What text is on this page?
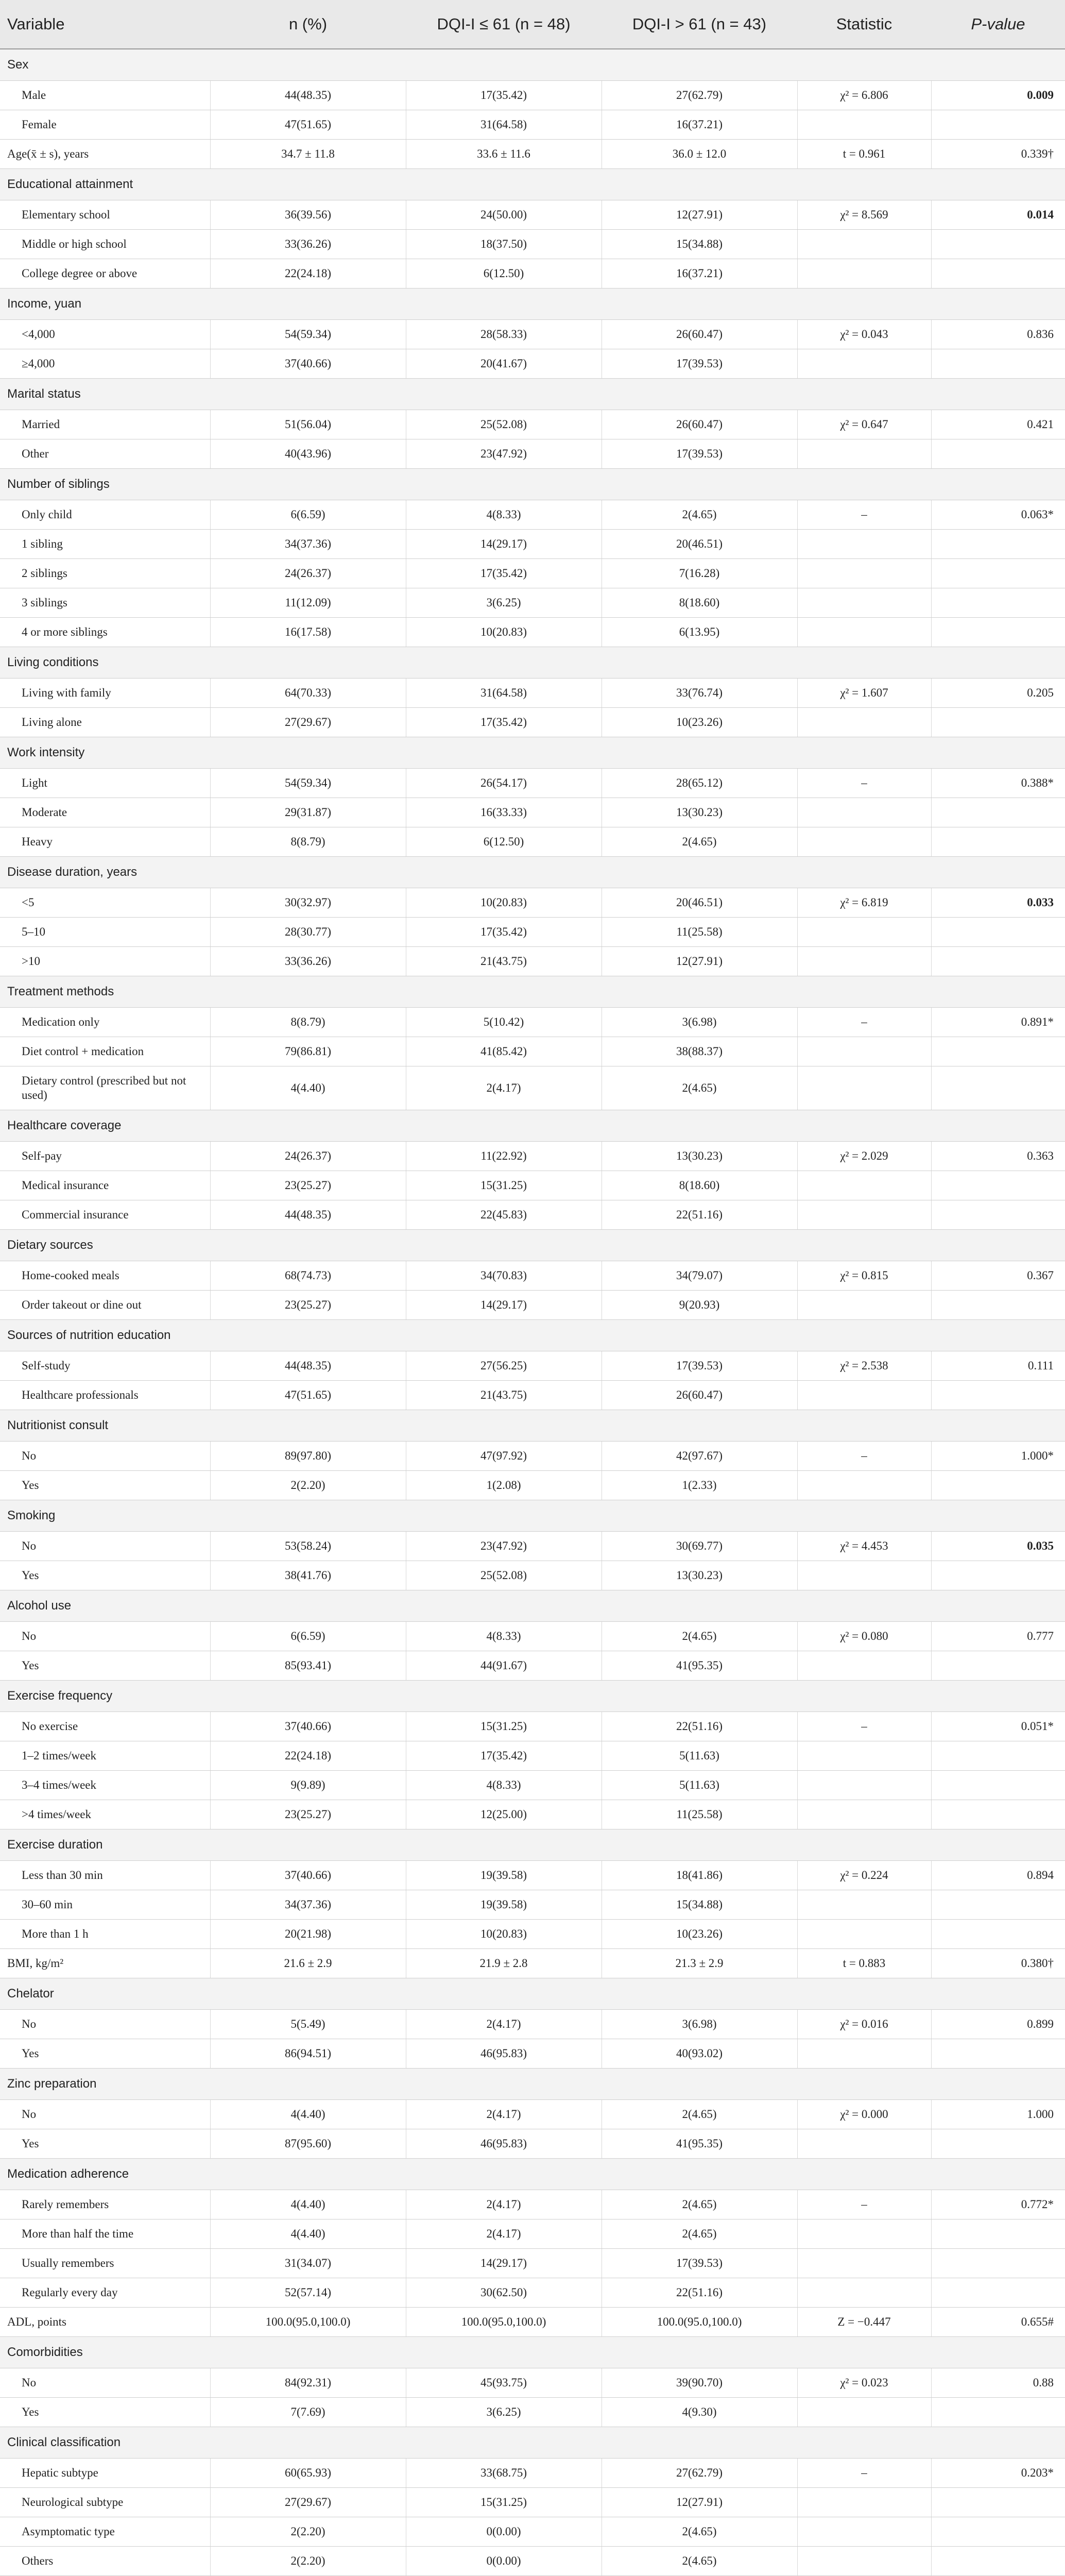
Variable	n (%)	DQI-I ≤ 61 (n = 48)	DQI-I > 61 (n = 43)	Statistic	P-value
Sex					
Male	44(48.35)	17(35.42)	27(62.79)	χ² = 6.806	0.009
Female	47(51.65)	31(64.58)	16(37.21)		
Age(x̄ ± s), years	34.7 ± 11.8	33.6 ± 11.6	36.0 ± 12.0	t = 0.961	0.339†
Educational attainment					
Elementary school	36(39.56)	24(50.00)	12(27.91)	χ² = 8.569	0.014
Middle or high school	33(36.26)	18(37.50)	15(34.88)		
College degree or above	22(24.18)	6(12.50)	16(37.21)		
Income, yuan					
<4,000	54(59.34)	28(58.33)	26(60.47)	χ² = 0.043	0.836
≥4,000	37(40.66)	20(41.67)	17(39.53)		
Marital status					
Married	51(56.04)	25(52.08)	26(60.47)	χ² = 0.647	0.421
Other	40(43.96)	23(47.92)	17(39.53)		
Number of siblings					
Only child	6(6.59)	4(8.33)	2(4.65)	–	0.063*
1 sibling	34(37.36)	14(29.17)	20(46.51)		
2 siblings	24(26.37)	17(35.42)	7(16.28)		
3 siblings	11(12.09)	3(6.25)	8(18.60)		
4 or more siblings	16(17.58)	10(20.83)	6(13.95)		
Living conditions					
Living with family	64(70.33)	31(64.58)	33(76.74)	χ² = 1.607	0.205
Living alone	27(29.67)	17(35.42)	10(23.26)		
Work intensity					
Light	54(59.34)	26(54.17)	28(65.12)	–	0.388*
Moderate	29(31.87)	16(33.33)	13(30.23)		
Heavy	8(8.79)	6(12.50)	2(4.65)		
Disease duration, years					
<5	30(32.97)	10(20.83)	20(46.51)	χ² = 6.819	0.033
5–10	28(30.77)	17(35.42)	11(25.58)		
>10	33(36.26)	21(43.75)	12(27.91)		
Treatment methods					
Medication only	8(8.79)	5(10.42)	3(6.98)	–	0.891*
Diet control + medication	79(86.81)	41(85.42)	38(88.37)		
Dietary control (prescribed but not used)	4(4.40)	2(4.17)	2(4.65)		
Healthcare coverage					
Self-pay	24(26.37)	11(22.92)	13(30.23)	χ² = 2.029	0.363
Medical insurance	23(25.27)	15(31.25)	8(18.60)		
Commercial insurance	44(48.35)	22(45.83)	22(51.16)		
Dietary sources					
Home-cooked meals	68(74.73)	34(70.83)	34(79.07)	χ² = 0.815	0.367
Order takeout or dine out	23(25.27)	14(29.17)	9(20.93)		
Sources of nutrition education					
Self-study	44(48.35)	27(56.25)	17(39.53)	χ² = 2.538	0.111
Healthcare professionals	47(51.65)	21(43.75)	26(60.47)		
Nutritionist consult					
No	89(97.80)	47(97.92)	42(97.67)	–	1.000*
Yes	2(2.20)	1(2.08)	1(2.33)		
Smoking					
No	53(58.24)	23(47.92)	30(69.77)	χ² = 4.453	0.035
Yes	38(41.76)	25(52.08)	13(30.23)		
Alcohol use					
No	6(6.59)	4(8.33)	2(4.65)	χ² = 0.080	0.777
Yes	85(93.41)	44(91.67)	41(95.35)		
Exercise frequency					
No exercise	37(40.66)	15(31.25)	22(51.16)	–	0.051*
1–2 times/week	22(24.18)	17(35.42)	5(11.63)		
3–4 times/week	9(9.89)	4(8.33)	5(11.63)		
>4 times/week	23(25.27)	12(25.00)	11(25.58)		
Exercise duration					
Less than 30 min	37(40.66)	19(39.58)	18(41.86)	χ² = 0.224	0.894
30–60 min	34(37.36)	19(39.58)	15(34.88)		
More than 1 h	20(21.98)	10(20.83)	10(23.26)		
BMI, kg/m²	21.6 ± 2.9	21.9 ± 2.8	21.3 ± 2.9	t = 0.883	0.380†
Chelator					
No	5(5.49)	2(4.17)	3(6.98)	χ² = 0.016	0.899
Yes	86(94.51)	46(95.83)	40(93.02)		
Zinc preparation					
No	4(4.40)	2(4.17)	2(4.65)	χ² = 0.000	1.000
Yes	87(95.60)	46(95.83)	41(95.35)		
Medication adherence					
Rarely remembers	4(4.40)	2(4.17)	2(4.65)	–	0.772*
More than half the time	4(4.40)	2(4.17)	2(4.65)		
Usually remembers	31(34.07)	14(29.17)	17(39.53)		
Regularly every day	52(57.14)	30(62.50)	22(51.16)		
ADL, points	100.0(95.0,100.0)	100.0(95.0,100.0)	100.0(95.0,100.0)	Z = −0.447	0.655#
Comorbidities					
No	84(92.31)	45(93.75)	39(90.70)	χ² = 0.023	0.88
Yes	7(7.69)	3(6.25)	4(9.30)		
Clinical classification					
Hepatic subtype	60(65.93)	33(68.75)	27(62.79)	–	0.203*
Neurological subtype	27(29.67)	15(31.25)	12(27.91)		
Asymptomatic type	2(2.20)	0(0.00)	2(4.65)		
Others	2(2.20)	0(0.00)	2(4.65)		
